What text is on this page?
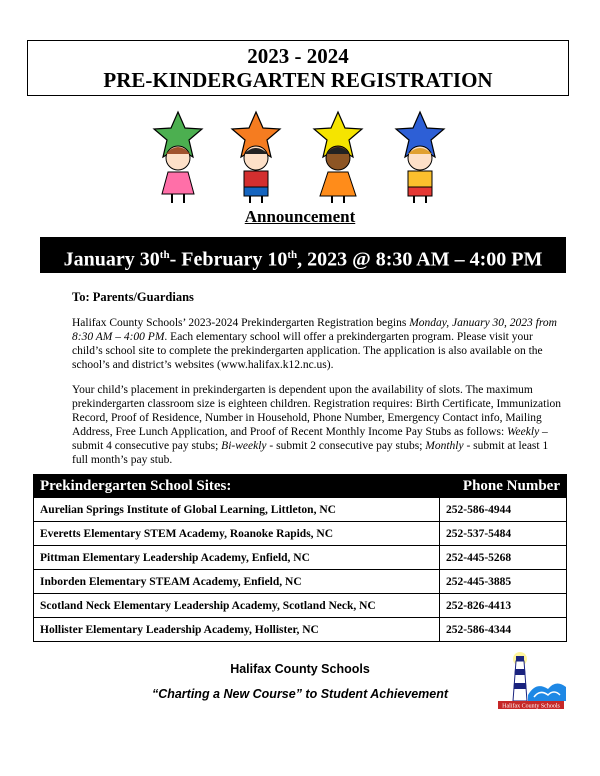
2023 - 2024
PRE-KINDERGARTEN REGISTRATION
Announcement
January 30th- February 10th, 2023 @ 8:30 AM – 4:00 PM
To: Parents/Guardians
Halifax County Schools’ 2023-2024 Prekindergarten Registration begins Monday, January 30, 2023 from 8:30 AM – 4:00 PM. Each elementary school will offer a prekindergarten program. Please visit your child’s school site to complete the prekindergarten application. The application is also available on the school’s and district’s websites (www.halifax.k12.nc.us).
Your child’s placement in prekindergarten is dependent upon the availability of slots. The maximum prekindergarten classroom size is eighteen children. Registration requires: Birth Certificate, Immunization Record, Proof of Residence, Number in Household, Phone Number, Emergency Contact info, Mailing Address, Free Lunch Application, and Proof of Recent Monthly Income Pay Stubs as follows: Weekly – submit 4 consecutive pay stubs; Bi-weekly - submit 2 consecutive pay stubs; Monthly - submit at least 1 full month’s pay stub.
Prekindergarten School Sites:	Phone Number
Aurelian Springs Institute of Global Learning, Littleton, NC	252-586-4944
Everetts Elementary STEM Academy, Roanoke Rapids, NC	252-537-5484
Pittman Elementary Leadership Academy, Enfield, NC	252-445-5268
Inborden Elementary STEAM Academy, Enfield, NC	252-445-3885
Scotland Neck Elementary Leadership Academy, Scotland Neck, NC	252-826-4413
Hollister Elementary Leadership Academy, Hollister, NC	252-586-4344
Halifax County Schools
“Charting a New Course” to Student Achievement
Halifax County Schools
